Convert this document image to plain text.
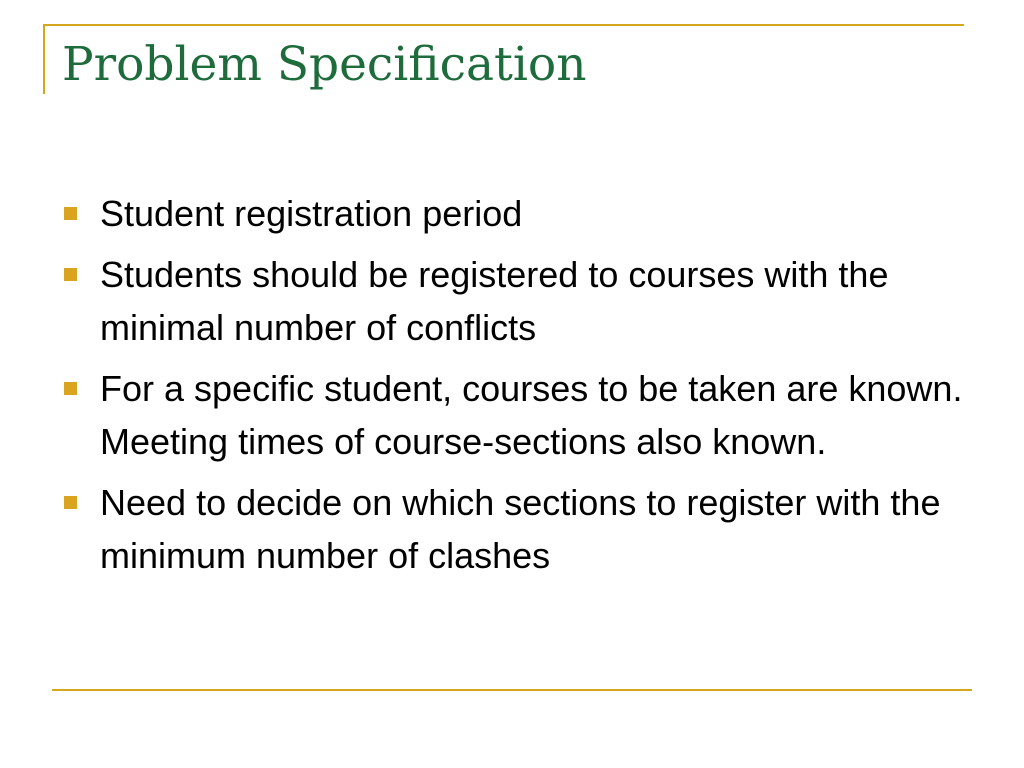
Problem Specification
Student registration period
Students should be registered to courses with the minimal number of conflicts
For a specific student, courses to be taken are known. Meeting times of course-sections also known.
Need to decide on which sections to register with the minimum number of clashes
